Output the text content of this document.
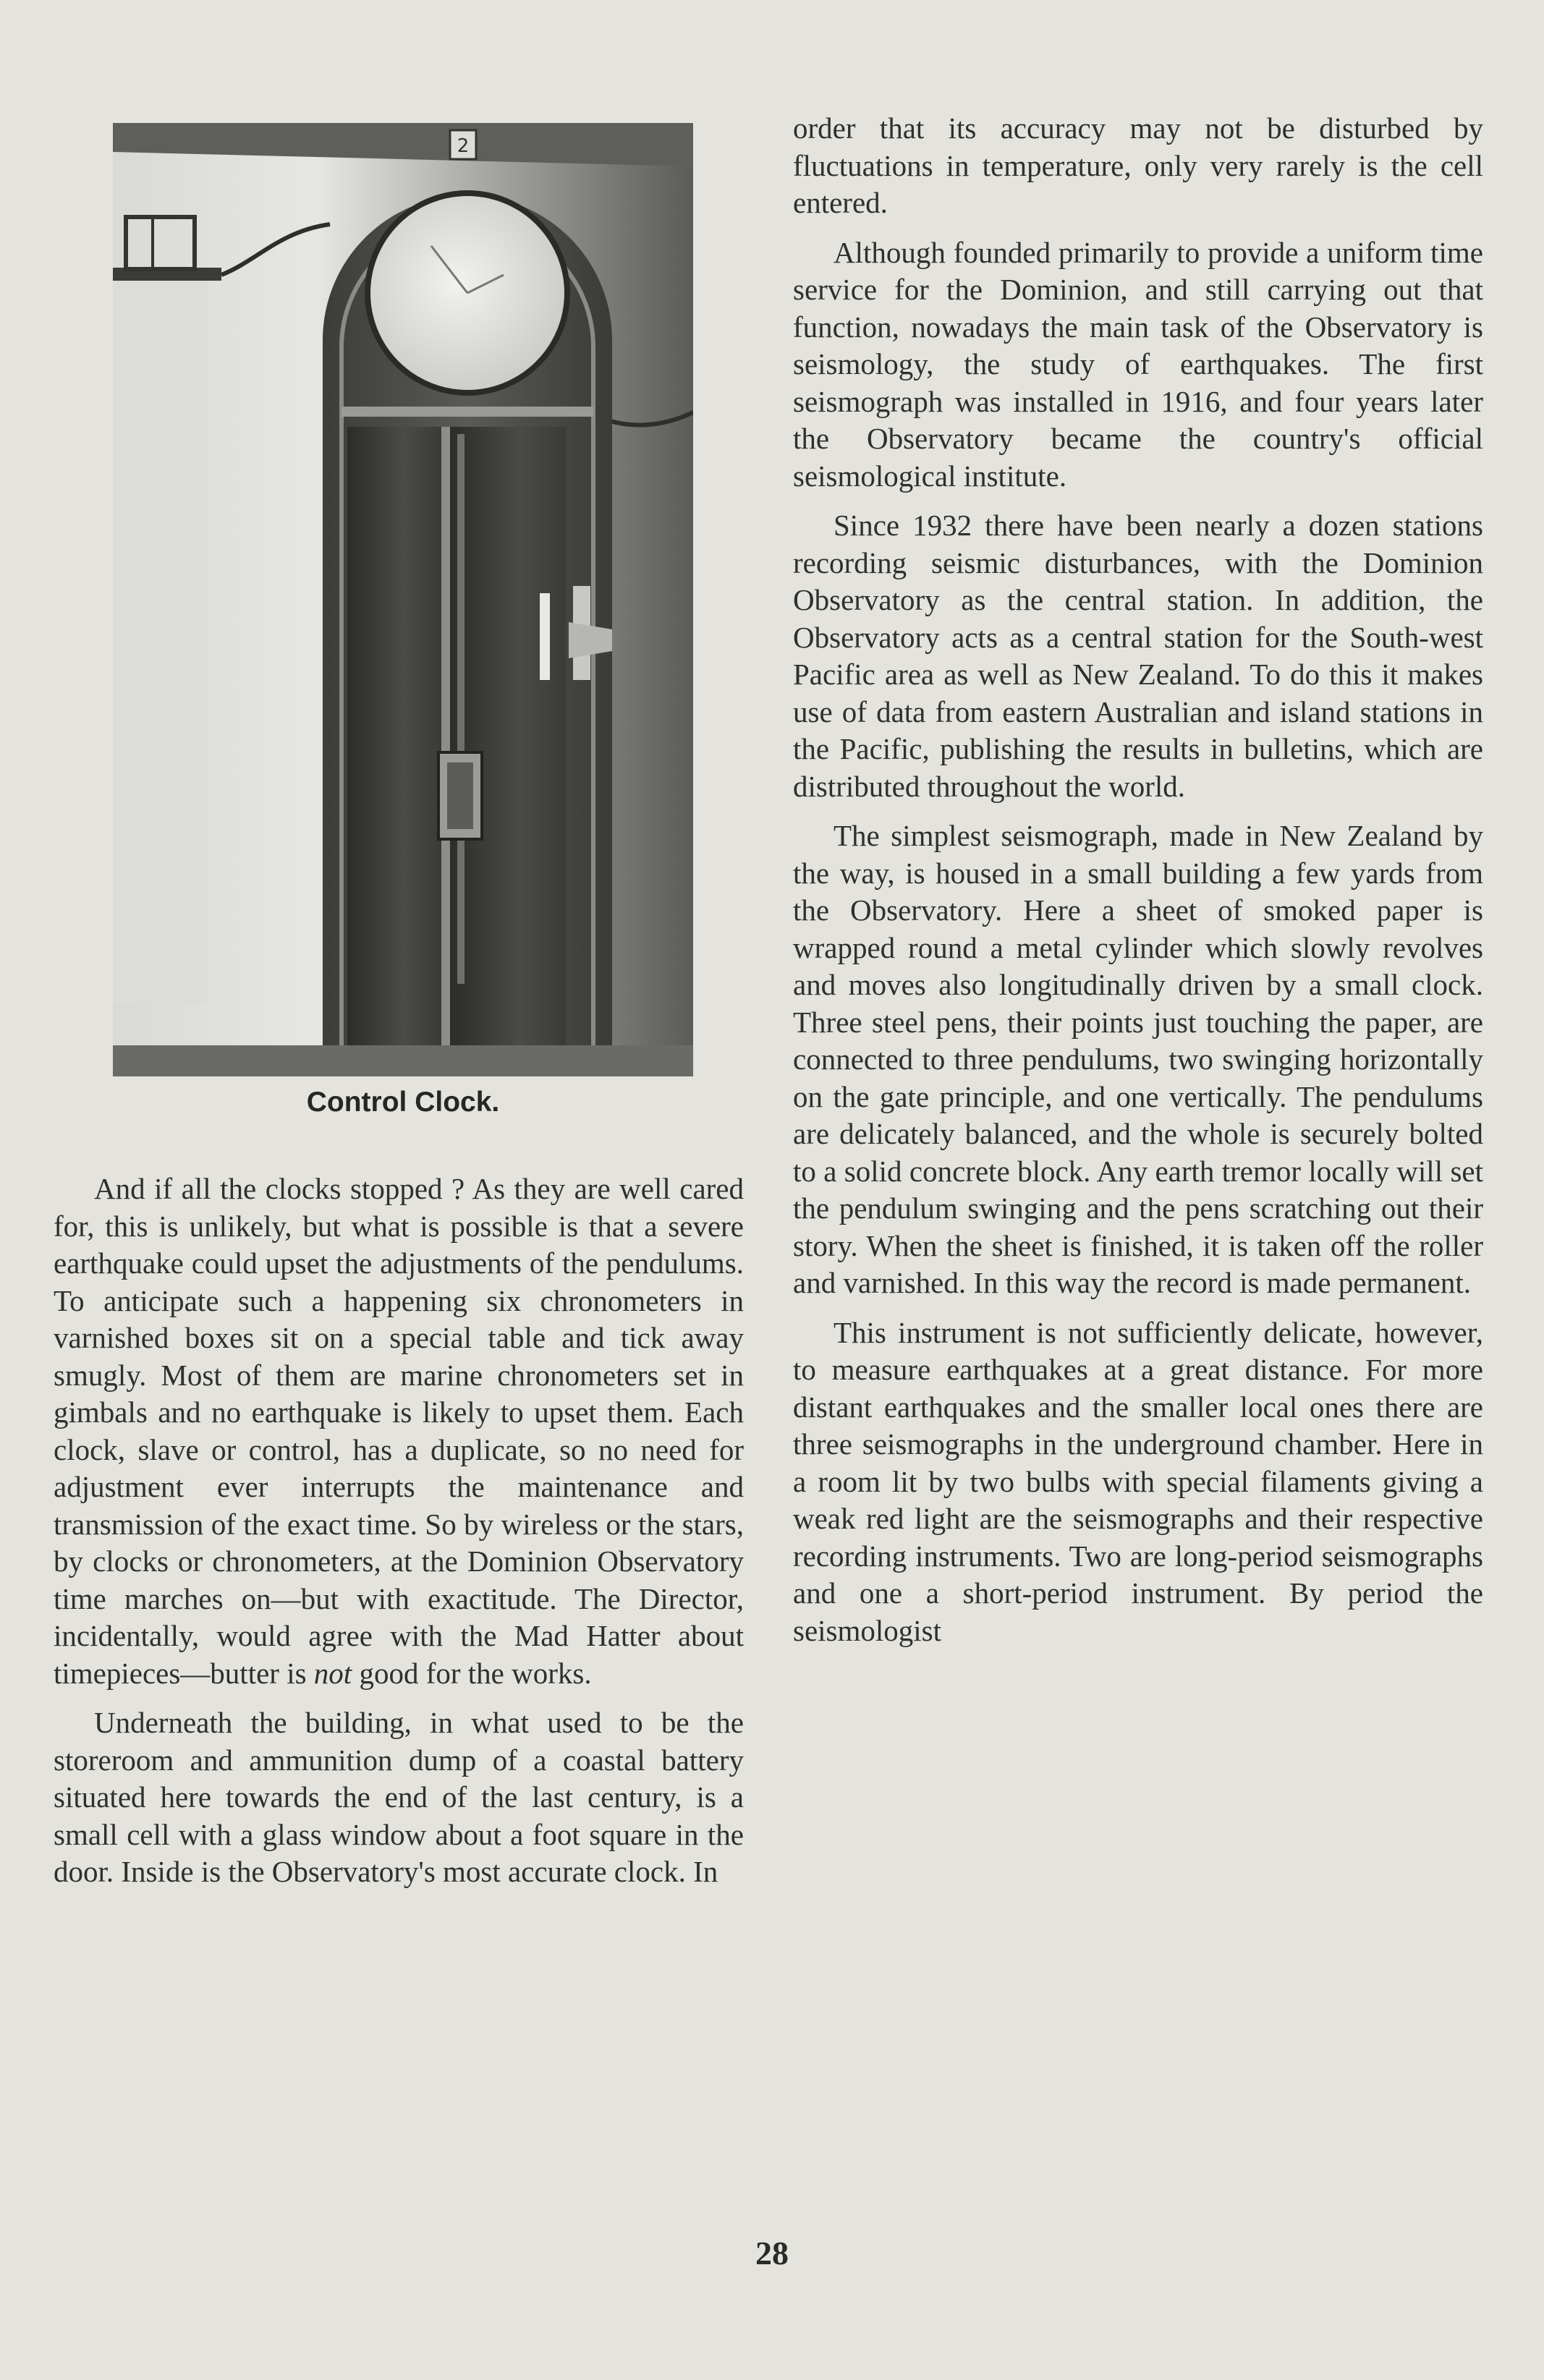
2
Control Clock.

And if all the clocks stopped ? As they are well cared for, this is unlikely, but what is possible is that a severe earthquake could upset the adjustments of the pendulums. To anticipate such a happening six chronometers in varnished boxes sit on a special table and tick away smugly. Most of them are marine chronometers set in gimbals and no earthquake is likely to upset them. Each clock, slave or control, has a duplicate, so no need for adjustment ever interrupts the maintenance and transmission of the exact time. So by wireless or the stars, by clocks or chronometers, at the Dominion Observatory time marches on—but with exactitude. The Director, incidentally, would agree with the Mad Hatter about timepieces—butter is not good for the works.

Underneath the building, in what used to be the storeroom and ammunition dump of a coastal battery situated here towards the end of the last century, is a small cell with a glass window about a foot square in the door. Inside is the Observatory's most accurate clock. In

order that its accuracy may not be disturbed by fluctuations in temperature, only very rarely is the cell entered.

Although founded primarily to provide a uniform time service for the Dominion, and still carrying out that function, nowadays the main task of the Observatory is seismology, the study of earthquakes. The first seismograph was installed in 1916, and four years later the Observatory became the country's official seismological institute.

Since 1932 there have been nearly a dozen stations recording seismic disturbances, with the Dominion Observatory as the central station. In addition, the Observatory acts as a central station for the South-west Pacific area as well as New Zealand. To do this it makes use of data from eastern Australian and island stations in the Pacific, publishing the results in bulletins, which are distributed throughout the world.

The simplest seismograph, made in New Zealand by the way, is housed in a small building a few yards from the Observatory. Here a sheet of smoked paper is wrapped round a metal cylinder which slowly revolves and moves also longitudinally driven by a small clock. Three steel pens, their points just touching the paper, are connected to three pendulums, two swinging horizontally on the gate principle, and one vertically. The pendulums are delicately balanced, and the whole is securely bolted to a solid concrete block. Any earth tremor locally will set the pendulum swinging and the pens scratching out their story. When the sheet is finished, it is taken off the roller and varnished. In this way the record is made permanent.

This instrument is not sufficiently delicate, however, to measure earthquakes at a great distance. For more distant earthquakes and the smaller local ones there are three seismographs in the underground chamber. Here in a room lit by two bulbs with special filaments giving a weak red light are the seismographs and their respective recording instruments. Two are long-period seismographs and one a short-period instrument. By period the seismologist

28
